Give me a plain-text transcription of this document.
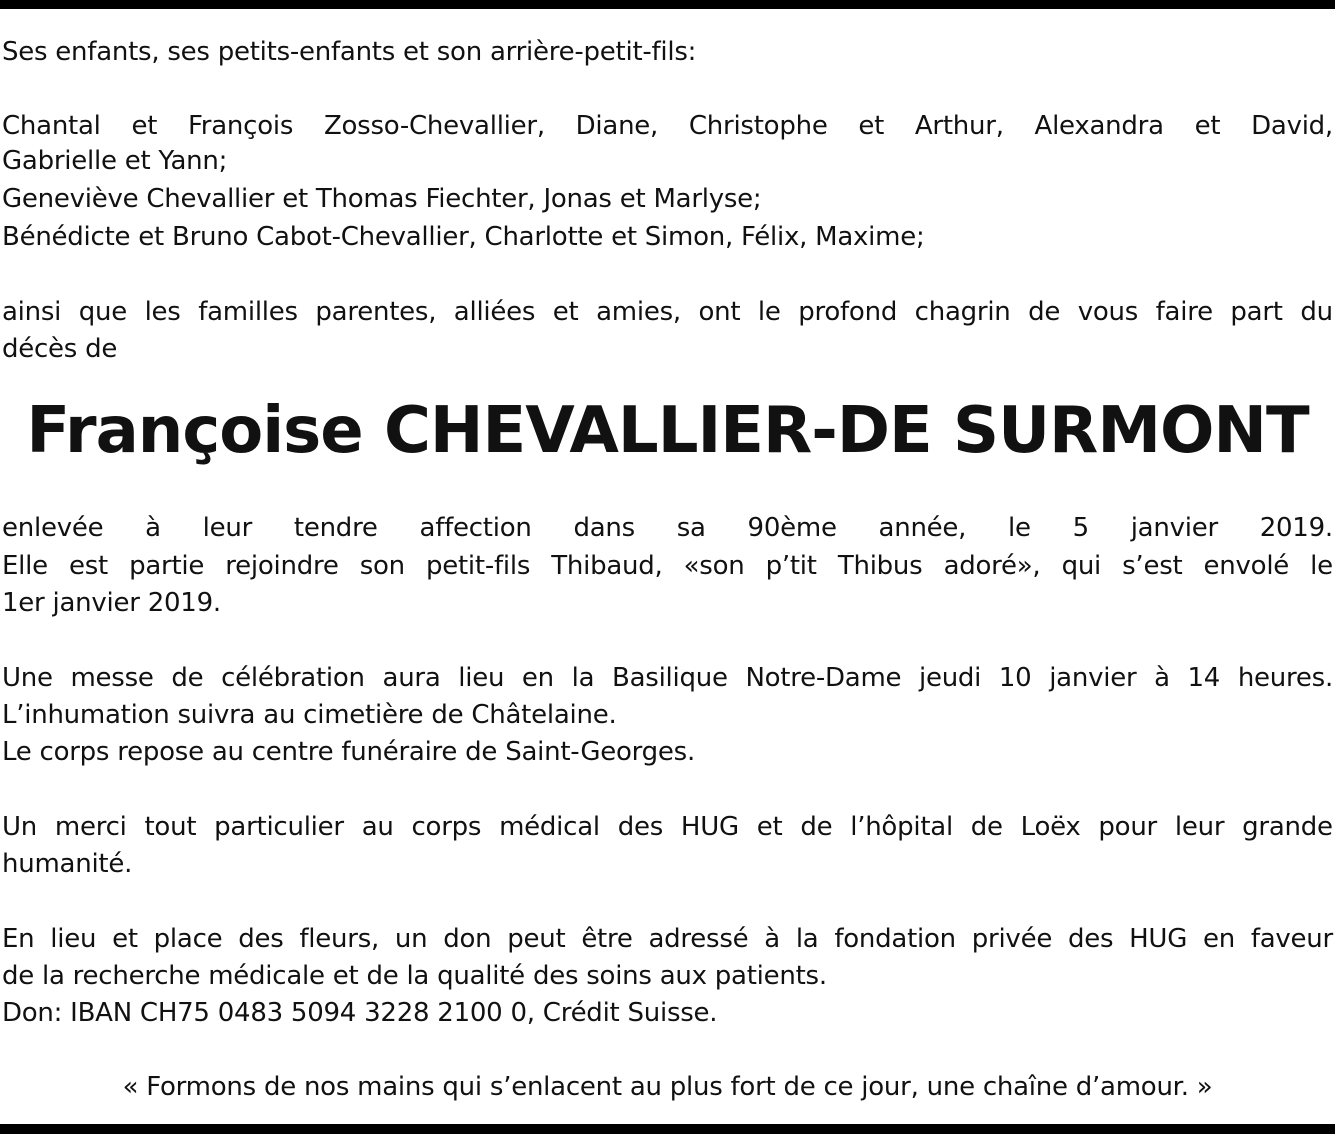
Ses enfants, ses petits-enfants et son arrière-petit-fils:
Chantal et François Zosso-Chevallier, Diane, Christophe et Arthur, Alexandra et David,
Gabrielle et Yann;
Geneviève Chevallier et Thomas Fiechter, Jonas et Marlyse;
Bénédicte et Bruno Cabot-Chevallier, Charlotte et Simon, Félix, Maxime;
ainsi que les familles parentes, alliées et amies, ont le profond chagrin de vous faire part du
décès de
enlevée à leur tendre affection dans sa 90ème année, le 5 janvier 2019.
Elle est partie rejoindre son petit-fils Thibaud, «son p’tit Thibus adoré», qui s’est envolé le
1er janvier 2019.
Une messe de célébration aura lieu en la Basilique Notre-Dame jeudi 10 janvier à 14 heures.
L’inhumation suivra au cimetière de Châtelaine.
Le corps repose au centre funéraire de Saint-Georges.
Un merci tout particulier au corps médical des HUG et de l’hôpital de Loëx pour leur grande
humanité.
En lieu et place des fleurs, un don peut être adressé à la fondation privée des HUG en faveur
de la recherche médicale et de la qualité des soins aux patients.
Don: IBAN CH75 0483 5094 3228 2100 0, Crédit Suisse.
Françoise CHEVALLIER-DE SURMONT
« Formons de nos mains qui s’enlacent au plus fort de ce jour, une chaîne d’amour. »
